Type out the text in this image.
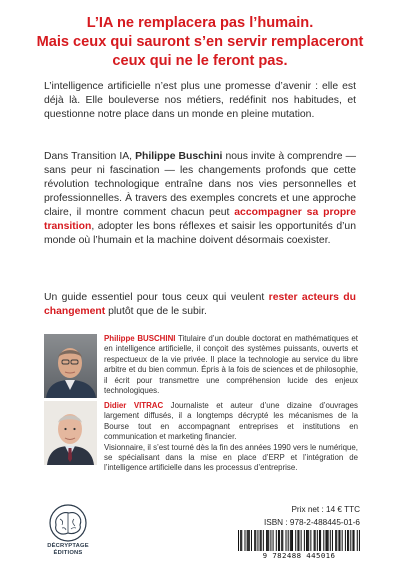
L’IA ne remplacera pas l’humain.
Mais ceux qui sauront s’en servir remplaceront
ceux qui ne le feront pas.
L’intelligence artificielle n’est plus une promesse d’avenir : elle est déjà là. Elle bouleverse nos métiers, redéfinit nos habitudes, et questionne notre place dans un monde en pleine mutation.
Dans Transition IA, Philippe Buschini nous invite à comprendre — sans peur ni fascination — les changements profonds que cette révolution technologique entraîne dans nos vies personnelles et professionnelles. À travers des exemples concrets et une approche claire, il montre comment chacun peut accompagner sa propre transition, adopter les bons réflexes et saisir les opportunités d’un monde où l’humain et la machine doivent désormais coexister.
Un guide essentiel pour tous ceux qui veulent rester acteurs du changement plutôt que de le subir.
Philippe BUSCHINI Titulaire d’un double doctorat en mathématiques et en intelligence artificielle, il conçoit des systèmes puissants, ouverts et respectueux de la vie privée. Il place la technologie au service du libre arbitre et du bien commun. Épris à la fois de sciences et de philosophie, il écrit pour transmettre une compréhension lucide des enjeux technologiques.
Didier VITRAC Journaliste et auteur d’une dizaine d’ouvrages largement diffusés, il a longtemps décrypté les mécanismes de la Bourse tout en accompagnant entreprises et institutions en communication et marketing financier.
Visionnaire, il s’est tourné dès la fin des années 1990 vers le numérique, se spécialisant dans la mise en place d’ERP et l’intégration de l’intelligence artificielle dans les processus d’entreprise.
DÉCRYPTAGE
ÉDITIONS
Prix net : 14 € TTC
ISBN : 978-2-488445-01-6
9 782488 445016
